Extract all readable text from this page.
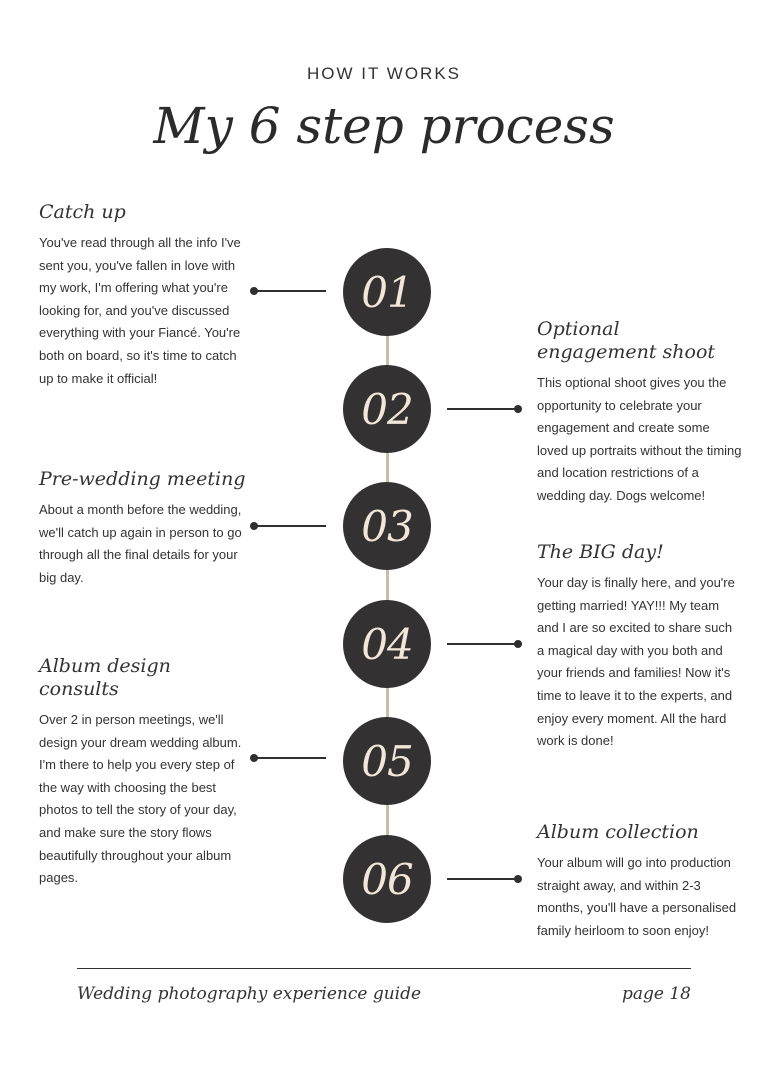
HOW IT WORKS
My 6 step process
01
Catch up

You've read through all the info I've sent you, you've fallen in love with my work, I'm offering what you're looking for, and you've discussed everything with your Fiancé. You're both on board, so it's time to catch up to make it official!

02
Optional engagement shoot

This optional shoot gives you the opportunity to celebrate your engagement and create some loved up portraits without the timing and location restrictions of a wedding day. Dogs welcome!

03
Pre-wedding meeting

About a month before the wedding, we'll catch up again in person to go through all the final details for your big day.

04
The BIG day!

Your day is finally here, and you're getting married! YAY!!! My team and I are so excited to share such a magical day with you both and your friends and families! Now it's time to leave it to the experts, and enjoy every moment. All the hard work is done!

05
Album design consults

Over 2 in person meetings, we'll design your dream wedding album. I'm there to help you every step of the way with choosing the best photos to tell the story of your day, and make sure the story flows beautifully throughout your album pages.	06
Album collection

Your album will go into production straight away, and within 2-3 months, you'll have a personalised family heirloom to soon enjoy!

Wedding photography experience guide	page 18
